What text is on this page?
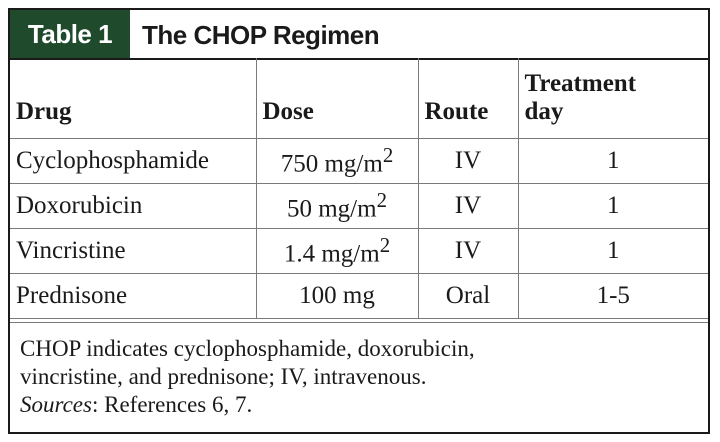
Table 1	The CHOP Regimen
Drug	Dose	Route	Treatment
day
Cyclophosphamide	750 $mg/m^2$	IV	1
Doxorubicin	50 $mg/m^2$	IV	1
Vincristine	1.4 $mg/m^2$	IV	1
Prednisone	100 mg	Oral	1-5

CHOP indicates cyclophosphamide, doxorubicin,

vincristine, and prednisone; IV, intravenous.

Sources: References 6, 7.
